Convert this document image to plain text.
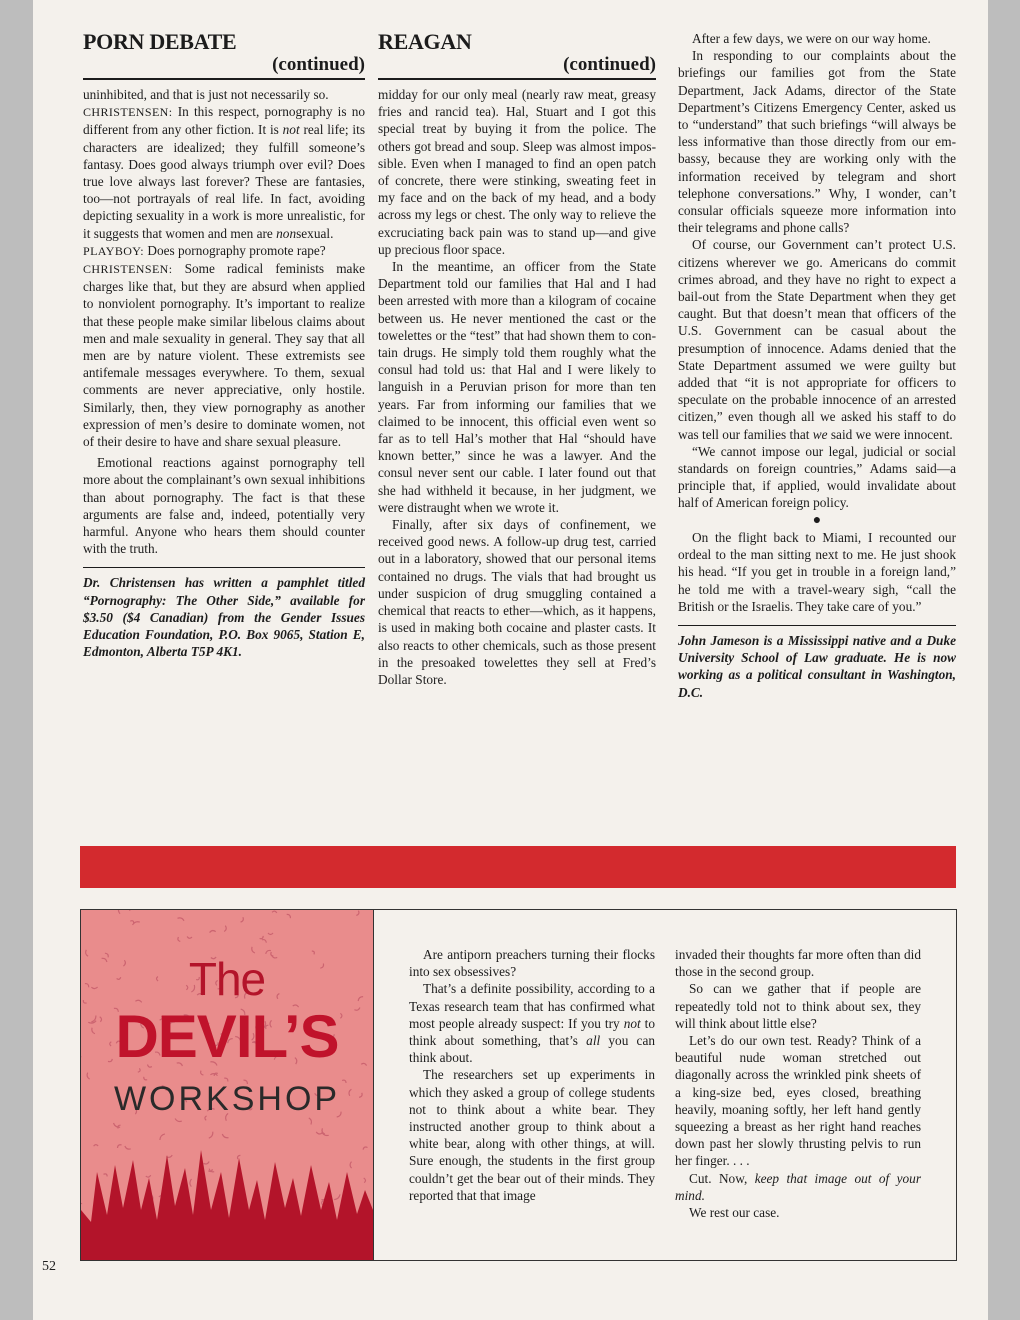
PORN DEBATE
(continued)

uninhibited, and that is just not necessarily so.

CHRISTENSEN: In this respect, pornography is no different from any other fiction. It is not real life; its characters are idealized; they fulfill someone’s fantasy. Does good always triumph over evil? Does true love always last forever? These are fantasies, too—not portrayals of real life. In fact, avoiding depicting sexuality in a work is more unrealistic, for it suggests that women and men are nonsexual.

PLAYBOY: Does pornography promote rape?

CHRISTENSEN: Some radical feminists make charges like that, but they are absurd when applied to nonviolent pornography. It’s important to realize that these people make similar libelous claims about men and male sexuality in general. They say that all men are by nature violent. These extremists see antifemale messages everywhere. To them, sexual comments are never appreciative, only hostile. Similarly, then, they view pornography as another expression of men’s desire to dominate women, not of their desire to have and share sexual pleasure.

Emotional reactions against pornography tell more about the complainant’s own sexual inhibitions than about pornography. The fact is that these arguments are false and, indeed, potentially very harmful. Anyone who hears them should counter with the truth.

Dr. Christensen has written a pamphlet titled “Pornography: The Other Side,” available for $3.50 ($4 Canadian) from the Gender Issues Education Foundation, P.O. Box 9065, Station E, Edmonton, Alberta T5P 4K1.

REAGAN
(continued)

midday for our only meal (nearly raw meat, greasy fries and rancid tea). Hal, Stuart and I got this special treat by buying it from the police. The others got bread and soup. Sleep was almost impossible. Even when I managed to find an open patch of concrete, there were stinking, sweating feet in my face and on the back of my head, and a body across my legs or chest. The only way to relieve the excruciating back pain was to stand up—and give up precious floor space.

In the meantime, an officer from the State Department told our families that Hal and I had been arrested with more than a kilogram of cocaine between us. He never mentioned the cast or the towelettes or the “test” that had shown them to contain drugs. He simply told them roughly what the consul had told us: that Hal and I were likely to languish in a Peruvian prison for more than ten years. Far from informing our families that we claimed to be innocent, this official even went so far as to tell Hal’s mother that Hal “should have known better,” since he was a lawyer. And the consul never sent our cable. I later found out that she had withheld it because, in her judgment, we were distraught when we wrote it.

Finally, after six days of confinement, we received good news. A follow-up drug test, carried out in a laboratory, showed that our personal items contained no drugs. The vials that had brought us under suspicion of drug smuggling contained a chemical that reacts to ether—which, as it happens, is used in making both cocaine and plaster casts. It also reacts to other chemicals, such as those present in the presoaked towelettes they sell at Fred’s Dollar Store.

After a few days, we were on our way home.

In responding to our complaints about the briefings our families got from the State Department, Jack Adams, director of the State Department’s Citizens Emergency Center, asked us to “understand” that such briefings “will always be less informative than those directly from our embassy, because they are working only with the information received by telegram and short telephone conversations.” Why, I wonder, can’t consular officials squeeze more information into their telegrams and phone calls?

Of course, our Government can’t protect U.S. citizens wherever we go. Americans do commit crimes abroad, and they have no right to expect a bail-out from the State Department when they get caught. But that doesn’t mean that officers of the U.S. Government can be casual about the presumption of innocence. Adams denied that the State Department assumed we were guilty but added that “it is not appropriate for officers to speculate on the probable innocence of an arrested citizen,” even though all we asked his staff to do was tell our families that we said we were innocent.

“We cannot impose our legal, judicial or social standards on foreign countries,” Adams said—a principle that, if applied, would invalidate about half of American foreign policy.

●

On the flight back to Miami, I recounted our ordeal to the man sitting next to me. He just shook his head. “If you get in trouble in a foreign land,” he told me with a travel-weary sigh, “call the British or the Israelis. They take care of you.”

John Jameson is a Mississippi native and a Duke University School of Law graduate. He is now working as a political consultant in Washington, D.C.

The
DEVIL’S
WORKSHOP

Are antiporn preachers turning their flocks into sex obsessives?

That’s a definite possibility, according to a Texas research team that has confirmed what most people already suspect: If you try not to think about something, that’s all you can think about.

The researchers set up experiments in which they asked a group of college students not to think about a white bear. They instructed another group to think about a white bear, along with other things, at will. Sure enough, the students in the first group couldn’t get the bear out of their minds. They reported that that image

invaded their thoughts far more often than did those in the second group.

So can we gather that if people are repeatedly told not to think about sex, they will think about little else?

Let’s do our own test. Ready? Think of a beautiful nude woman stretched out diagonally across the wrinkled pink sheets of a king-size bed, eyes closed, breathing heavily, moaning softly, her left hand gently squeezing a breast as her right hand reaches down past her slowly thrusting pelvis to run her finger. . . .

Cut. Now, keep that image out of your mind.

We rest our case.

52
